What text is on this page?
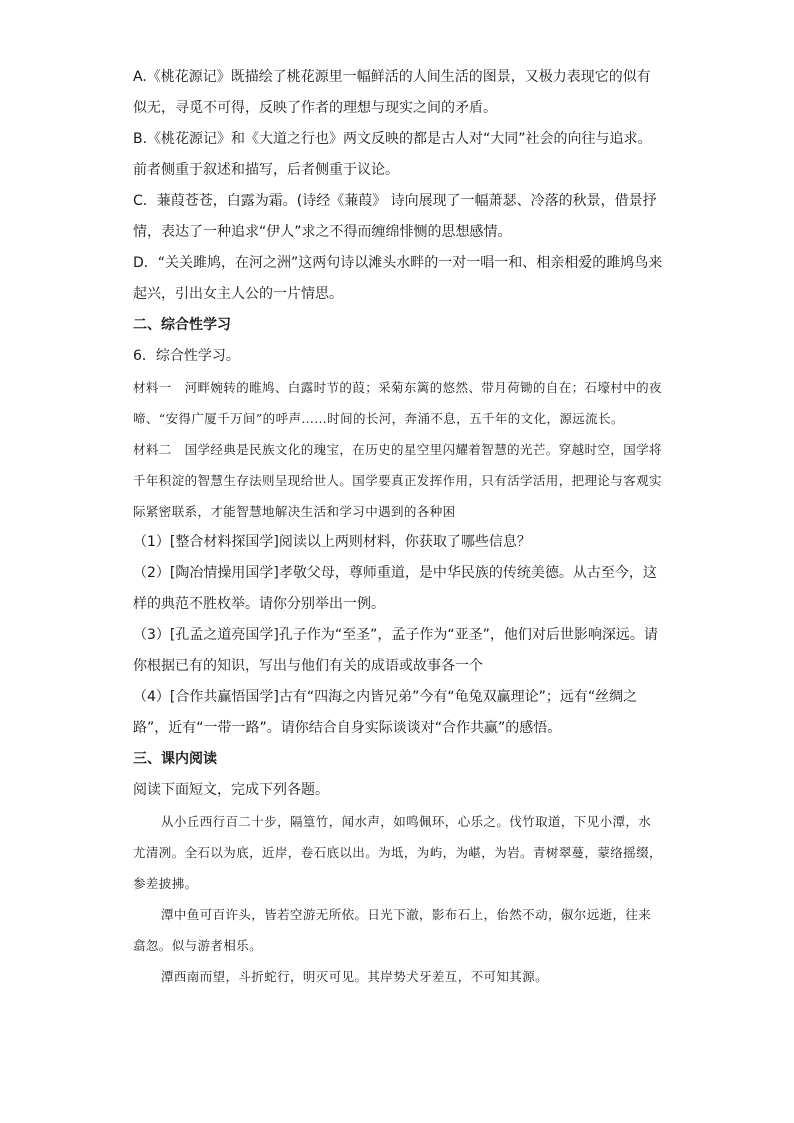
A.《桃花源记》既描绘了桃花源里一幅鲜活的人间生活的图景，又极力表现它的似有似无，寻觅不可得，反映了作者的理想与现实之间的矛盾。

B.《桃花源记》和《大道之行也》两文反映的都是古人对“大同”社会的向往与追求。前者侧重于叙述和描写，后者侧重于议论。

C．蒹葭苍苍，白露为霜。(诗经《蒹葭》 诗向展现了一幅萧瑟、冷落的秋景，借景抒情，表达了一种追求“伊人”求之不得而缠绵悱恻的思想感情。

D．“关关雎鸠，在河之洲”这两句诗以滩头水畔的一对一唱一和、相亲相爱的雎鸠鸟来起兴，引出女主人公的一片情思。

二、综合性学习

6．综合性学习。

材料一　河畔婉转的睢鸠、白露时节的葭；采菊东篱的悠然、带月荷锄的自在；石壕村中的夜啼、“安得广厦千万间”的呼声……时间的长河，奔涌不息，五千年的文化，源远流长。

材料二　国学经典是民族文化的瑰宝，在历史的星空里闪耀着智慧的光芒。穿越时空，国学将千年积淀的智慧生存法则呈现给世人。国学要真正发挥作用，只有活学活用，把理论与客观实际紧密联系，才能智慧地解决生活和学习中遇到的各种困

（1）[整合材料探国学]阅读以上两则材料，你获取了哪些信息？

（2）[陶冶情操用国学]孝敬父母，尊师重道，是中华民族的传统美德。从古至今，这样的典范不胜枚举。请你分别举出一例。

（3）[孔孟之道亮国学]孔子作为“至圣”，孟子作为“亚圣”，他们对后世影响深远。请你根据已有的知识，写出与他们有关的成语或故事各一个

（4）[合作共赢悟国学]古有“四海之内皆兄弟”今有“龟兔双赢理论”；远有“丝绸之路”，近有“一带一路”。请你结合自身实际谈谈对“合作共赢”的感悟。

三、课内阅读

阅读下面短文，完成下列各题。

从小丘西行百二十步，隔篁竹，闻水声，如鸣佩环，心乐之。伐竹取道，下见小潭，水尤清冽。全石以为底，近岸，卷石底以出。为坻，为屿，为嵁，为岩。青树翠蔓，蒙络摇缀，参差披拂。

潭中鱼可百许头，皆若空游无所依。日光下澈，影布石上，佁然不动，俶尔远逝，往来翕忽。似与游者相乐。

潭西南而望，斗折蛇行，明灭可见。其岸势犬牙差互，不可知其源。
